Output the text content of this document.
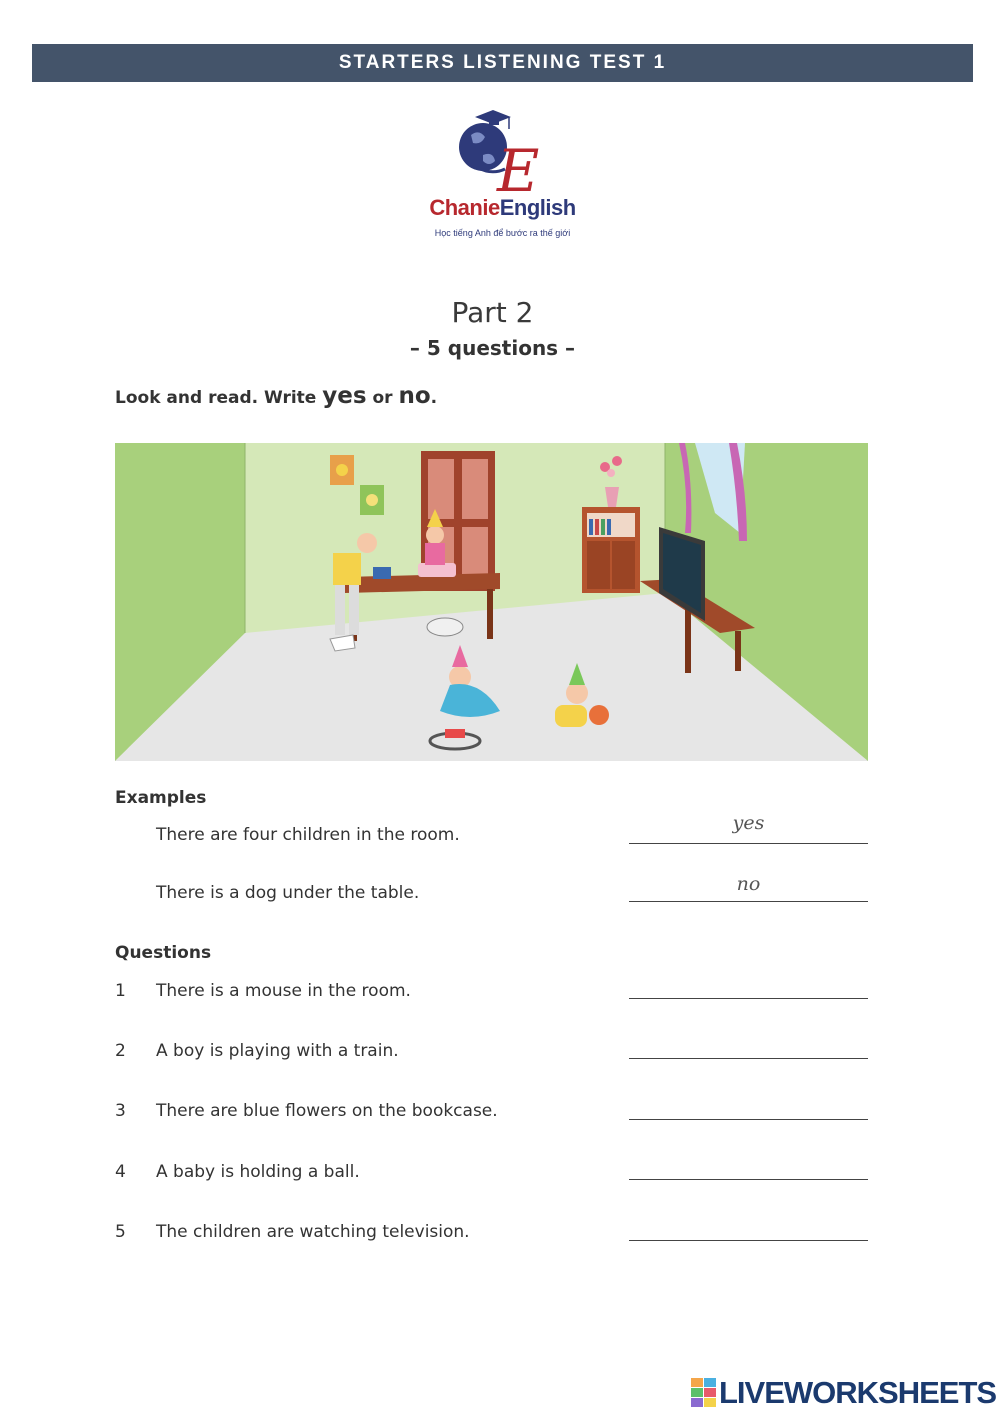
STARTERS LISTENING TEST 1
E
ChanieEnglish
Học tiếng Anh để bước ra thế giới
Part 2
– 5 questions –
Look and read. Write yes or no.
Examples
There are four children in the room.
yes
There is a dog under the table.	no
Questions
1 There is a mouse in the room.
2 A boy is playing with a train.
3 There are blue flowers on the bookcase.
4 A baby is holding a ball.
5 The children are watching television.
LIVEWORKSHEETS
